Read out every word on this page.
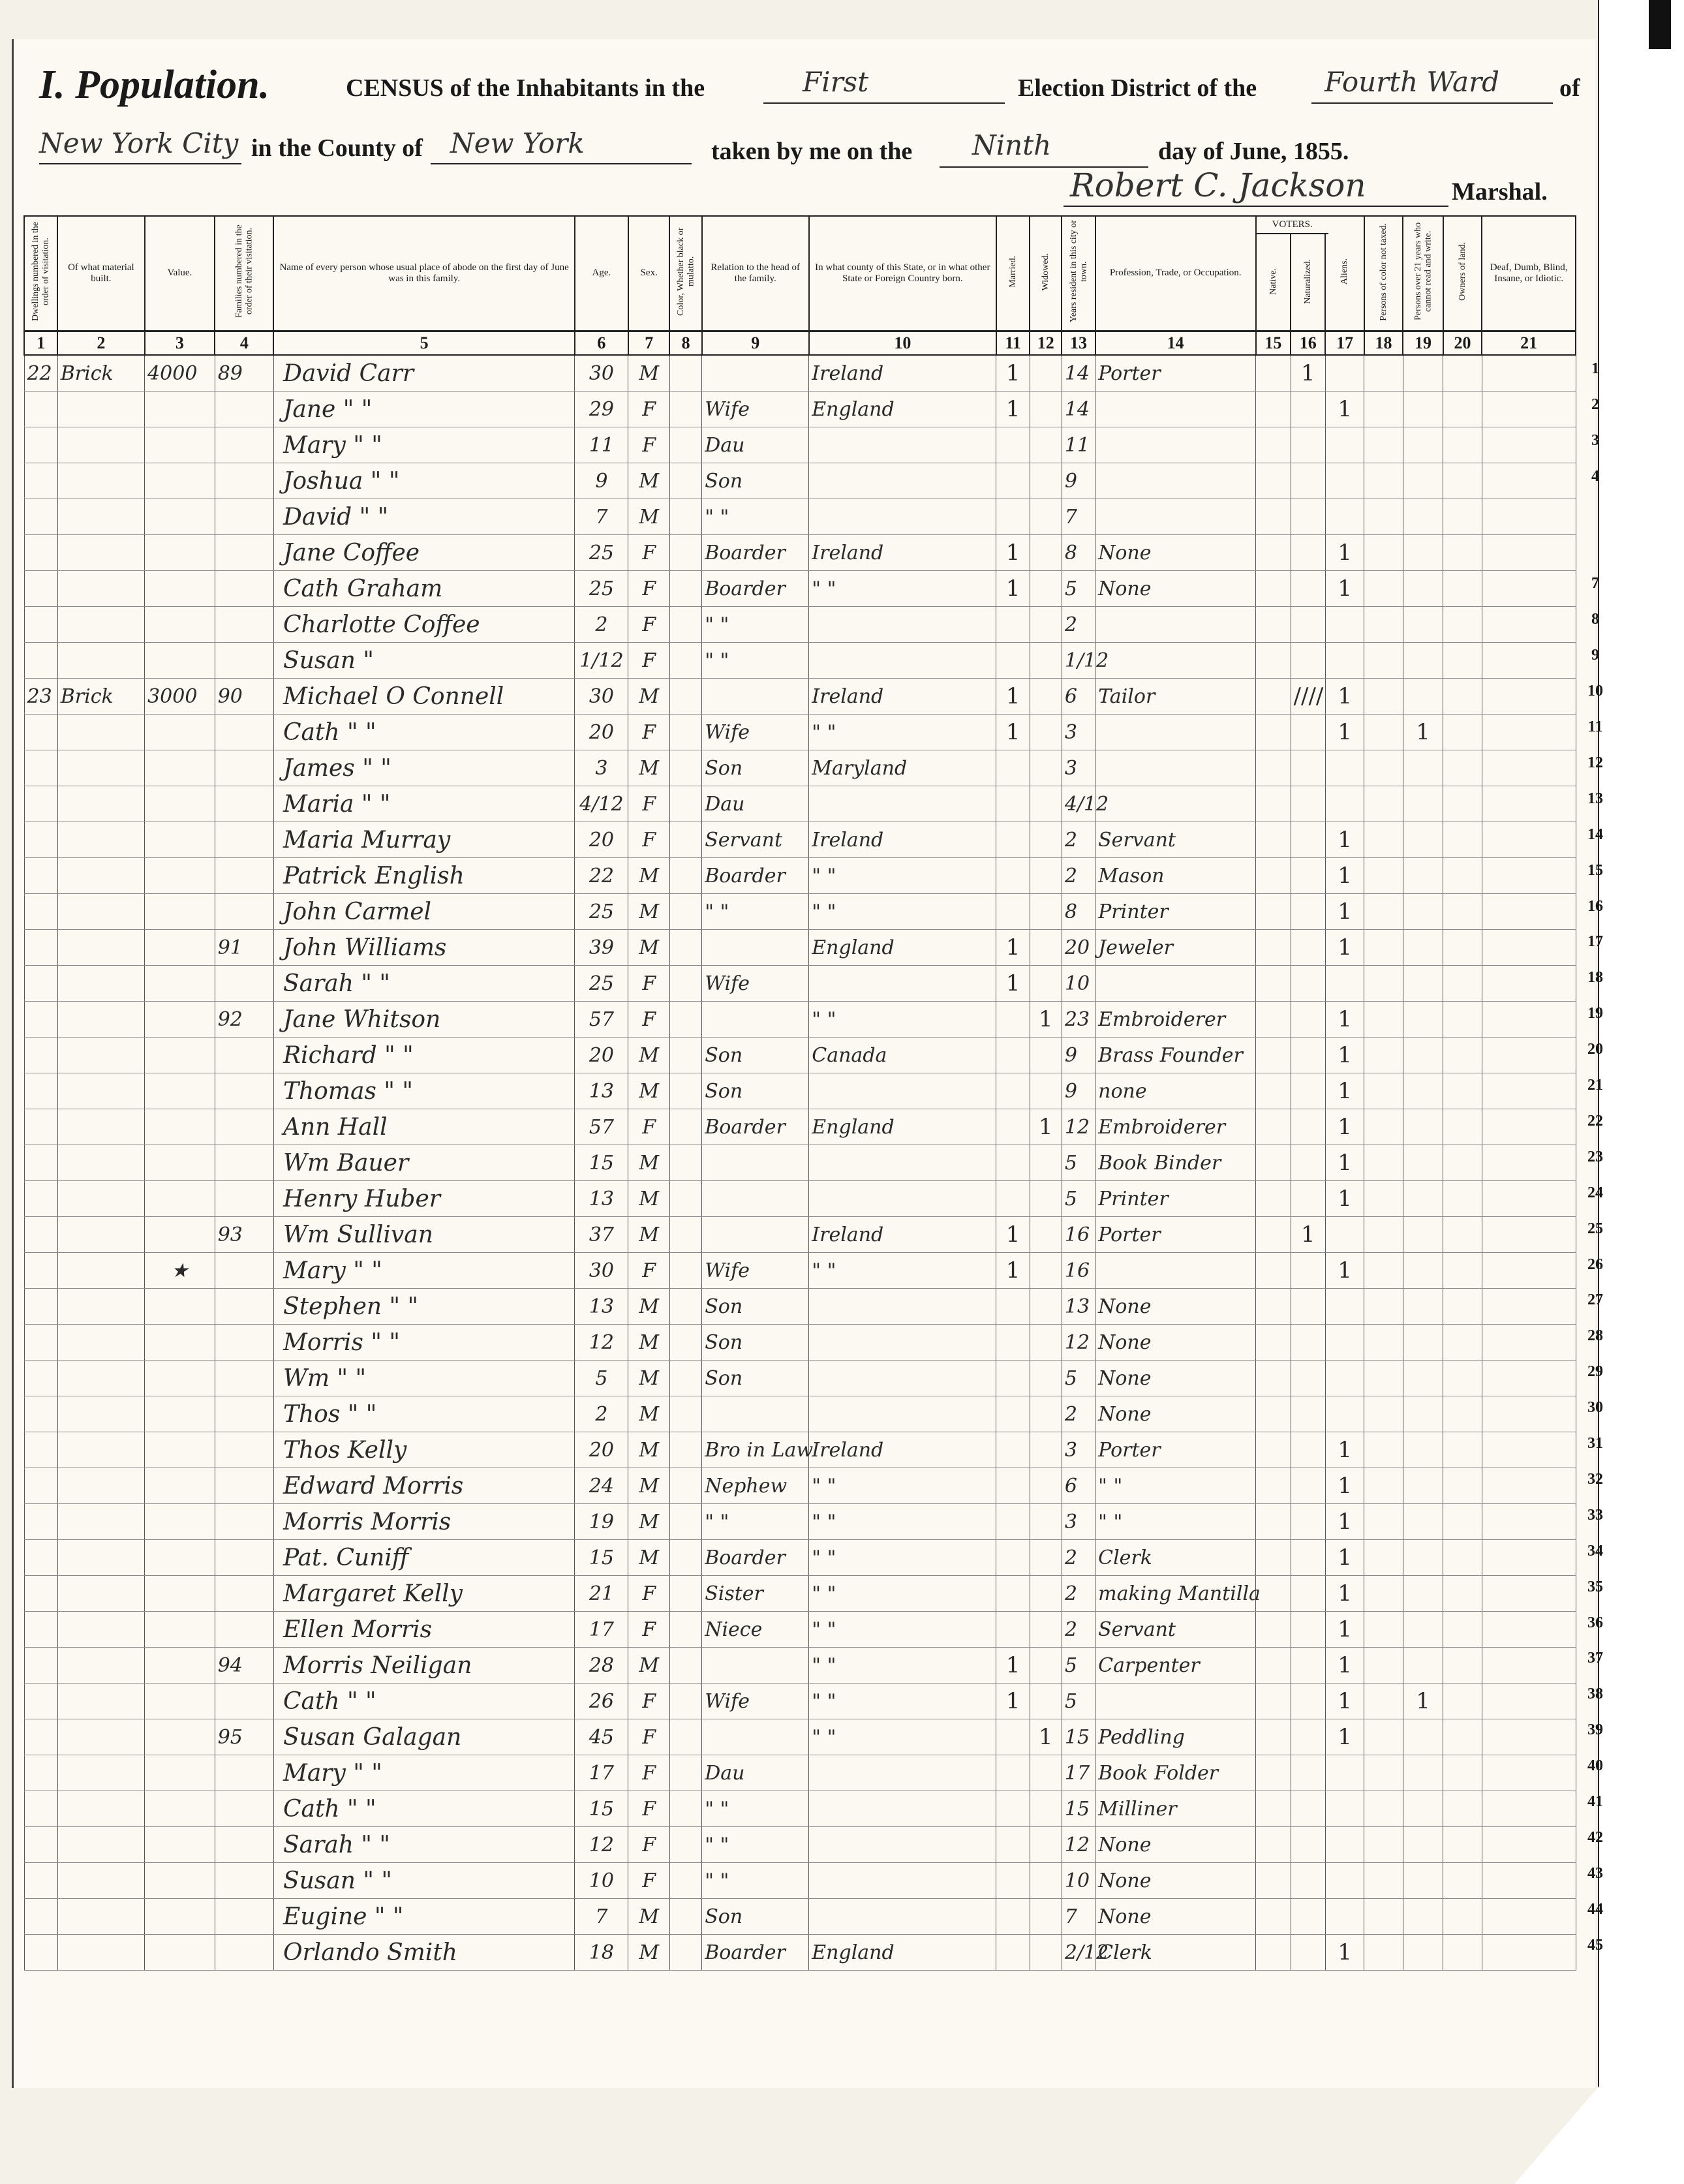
I. Population.	CENSUS of the Inhabitants in the	First	Election District of the Fourth Ward of
New York City in the County of New York	taken by me on the Ninth	day of June, 1855.
Robert C. Jackson	Marshal.
Dwellings numbered in the order of visitation.	Of what material built.	Value.	Families numbered in the order of their visitation.	Name of every person whose usual place of abode on the first day of June was in this family.	Age.	Sex.	Color, Whether black or mulatto.	Relation to the head of the family.	In what county of this State, or in what other State or Foreign Country born.	Married.	Widowed.	Years resident in this city or town.	Profession, Trade, or Occupation.	VOTERS.
Native.	Naturalized.	Aliens.	Persons of color not taxed.	Persons over 21 years who cannot read and write.	Owners of land.	Deaf, Dumb, Blind, Insane, or Idiotic.
1	2	3	4	5	6	7	8	9	10	11	12	13	14	15	16	17	18	19	20	21
22	Brick	4000	89	David Carr	30	M			Ireland	1		14	Porter		1					
				Jane " "	29	F		Wife	England	1		14				1				
				Mary " "	11	F		Dau				11								
				Joshua " "	9	M		Son				9								
				David " "	7	M		" "				7								
				Jane Coffee	25	F		Boarder	Ireland	1		8	None			1				
				Cath Graham	25	F		Boarder	" "	1		5	None			1				
				Charlotte Coffee	2	F		" "				2								
				Susan "	1/12	F		" "				1/12								
23	Brick	3000	90	Michael O Connell	30	M			Ireland	1		6	Tailor		////	1				
				Cath " "	20	F		Wife	" "	1		3				1		1		
				James " "	3	M		Son	Maryland			3								
				Maria " "	4/12	F		Dau				4/12								
				Maria Murray	20	F		Servant	Ireland			2	Servant			1				
				Patrick English	22	M		Boarder	" "			2	Mason			1				
				John Carmel	25	M		" "	" "			8	Printer			1				
			91	John Williams	39	M			England	1		20	Jeweler			1				
				Sarah " "	25	F		Wife		1		10								
			92	Jane Whitson	57	F			" "		1	23	Embroiderer			1				
				Richard " "	20	M		Son	Canada			9	Brass Founder			1				
				Thomas " "	13	M		Son				9	none			1				
				Ann Hall	57	F		Boarder	England		1	12	Embroiderer			1				
				Wm Bauer	15	M						5	Book Binder			1				
				Henry Huber	13	M						5	Printer			1				
			93	Wm Sullivan	37	M			Ireland	1		16	Porter		1					
		★		Mary " "	30	F		Wife	" "	1		16				1				
				Stephen " "	13	M		Son				13	None							
				Morris " "	12	M		Son				12	None							
				Wm " "	5	M		Son				5	None							
				Thos " "	2	M						2	None							
				Thos Kelly	20	M		Bro in Law	Ireland			3	Porter			1				
				Edward Morris	24	M		Nephew	" "			6	" "			1				
				Morris Morris	19	M		" "	" "			3	" "			1				
				Pat. Cuniff	15	M		Boarder	" "			2	Clerk			1				
				Margaret Kelly	21	F		Sister	" "			2	making Mantilla			1				
				Ellen Morris	17	F		Niece	" "			2	Servant			1				
			94	Morris Neiligan	28	M			" "	1		5	Carpenter			1				
				Cath " "	26	F		Wife	" "	1		5				1		1		
			95	Susan Galagan	45	F			" "		1	15	Peddling			1				
				Mary " "	17	F		Dau				17	Book Folder							
				Cath " "	15	F		" "				15	Milliner							
				Sarah " "	12	F		" "				12	None							
				Susan " "	10	F		" "				10	None							
				Eugine " "	7	M		Son				7	None							
				Orlando Smith	18	M		Boarder	England			2/12	Clerk			1				
1
2
3
4
7
8
9
10
11
12
13
14
15
16
17
18
19
20
21
22
23
24
25
26
27
28
29
30
31
32
33
34
35
36
37
38
39
40
41
42
43
44
45
